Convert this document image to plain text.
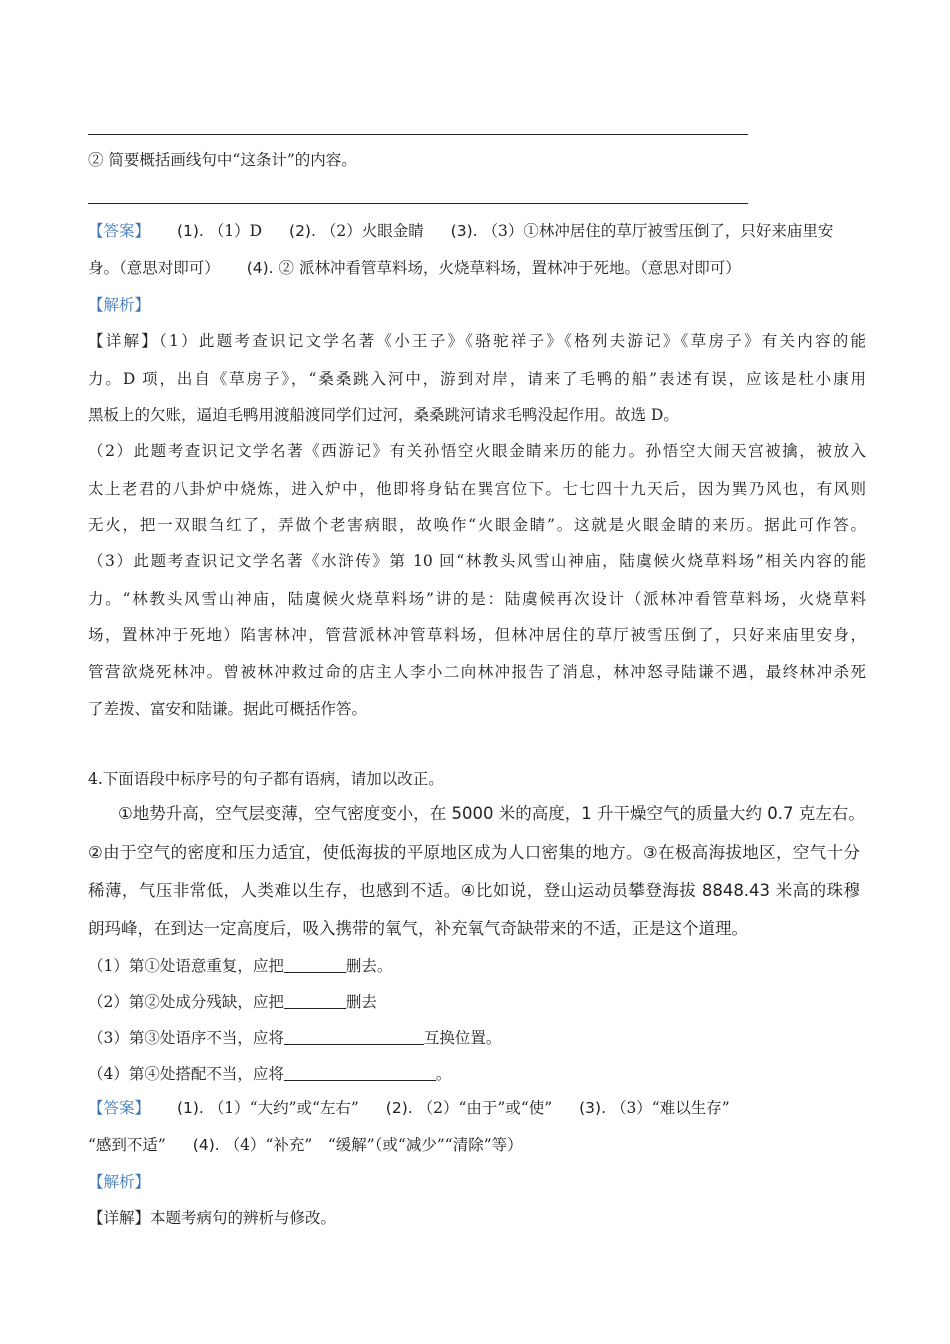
② 简要概括画线句中“这条计”的内容。
【答案】 (1). （1）D (2). （2）火眼金睛 (3). （3）①林冲居住的草厅被雪压倒了，只好来庙里安
身。（意思对即可） (4). ② 派林冲看管草料场，火烧草料场，置林冲于死地。（意思对即可）
【解析】
【详解】（1）此题考查识记文学名著《小王子》《骆驼祥子》《格列夫游记》《草房子》有关内容的能
力。D 项，出自《草房子》，“桑桑跳入河中，游到对岸，请来了毛鸭的船”表述有误，应该是杜小康用
黑板上的欠账，逼迫毛鸭用渡船渡同学们过河，桑桑跳河请求毛鸭没起作用。故选 D。
（2）此题考查识记文学名著《西游记》有关孙悟空火眼金睛来历的能力。孙悟空大闹天宫被擒，被放入
太上老君的八卦炉中烧炼，进入炉中，他即将身钻在巽宫位下。七七四十九天后，因为巽乃风也，有风则
无火，把一双眼刍红了，弄做个老害病眼，故唤作“火眼金睛”。这就是火眼金睛的来历。据此可作答。
（3）此题考查识记文学名著《水浒传》第 10 回“林教头风雪山神庙，陆虞候火烧草料场”相关内容的能
力。“林教头风雪山神庙，陆虞候火烧草料场”讲的是：陆虞候再次设计（派林冲看管草料场，火烧草料
场，置林冲于死地）陷害林冲，管营派林冲管草料场，但林冲居住的草厅被雪压倒了，只好来庙里安身，
管营欲烧死林冲。曾被林冲救过命的店主人李小二向林冲报告了消息，林冲怒寻陆谦不遇，最终林冲杀死
了差拨、富安和陆谦。据此可概括作答。
4.下面语段中标序号的句子都有语病，请加以改正。
①地势升高，空气层变薄，空气密度变小，在 5000 米的高度，1 升干燥空气的质量大约 0.7 克左右。
②由于空气的密度和压力适宜，使低海拔的平原地区成为人口密集的地方。③在极高海拔地区，空气十分
稀薄，气压非常低，人类难以生存，也感到不适。④比如说，登山运动员攀登海拔 8848.43 米高的珠穆
朗玛峰，在到达一定高度后，吸入携带的氧气，补充氧气奇缺带来的不适，正是这个道理。
（1）第①处语意重复，应把	删去。
（2）第②处成分残缺，应把	删去
（3）第③处语序不当，应将	互换位置。
（4）第④处搭配不当，应将	。
【答案】 (1). （1）“大约”或“左右” (2). （2）“由于”或“使” (3). （3）“难以生存”
“感到不适” (4). （4）“补充”　“缓解”（或“减少”“清除”等）
【解析】
【详解】本题考病句的辨析与修改。
